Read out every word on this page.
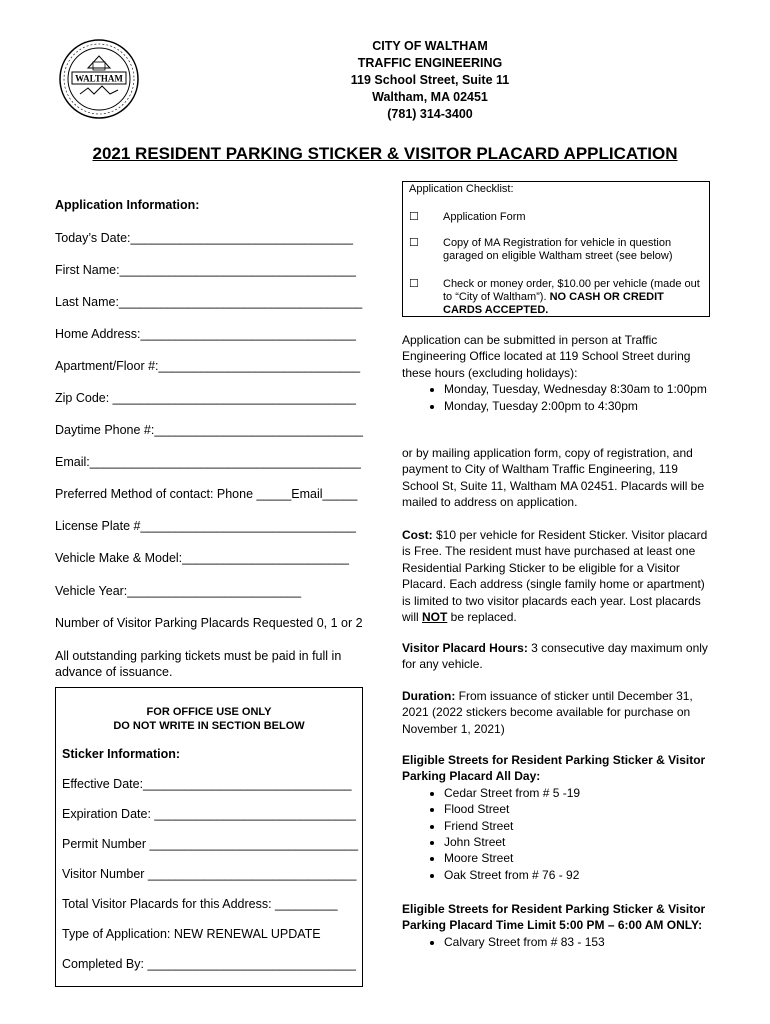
WALTHAM
CITY OF WALTHAM
TRAFFIC ENGINEERING
119 School Street, Suite 11
Waltham, MA 02451
(781) 314-3400
2021 RESIDENT PARKING STICKER & VISITOR PLACARD APPLICATION
Application Information:
Today’s Date:________________________________
First Name:__________________________________
Last Name:___________________________________
Home Address:_______________________________
Apartment/Floor #:_____________________________
Zip Code: ___________________________________
Daytime Phone #:______________________________
Email:_______________________________________
Preferred Method of contact: Phone _____Email_____
License Plate #_______________________________
Vehicle Make & Model:________________________
Vehicle Year:_________________________
Number of Visitor Parking Placards Requested 0, 1 or 2
All outstanding parking tickets must be paid in full in advance of issuance.
FOR OFFICE USE ONLY
DO NOT WRITE IN SECTION BELOW
Sticker Information:
Effective Date:______________________________
Expiration Date: _____________________________
Permit Number ______________________________
Visitor Number ______________________________
Total Visitor Placards for this Address: _________
Type of Application: NEW RENEWAL UPDATE
Completed By: ______________________________
Application Checklist:
☐ Application Form
☐ Copy of MA Registration for vehicle in question garaged on eligible Waltham street (see below)
☐ Check or money order, $10.00 per vehicle (made out to “City of Waltham”). NO CASH OR CREDIT CARDS ACCEPTED.

Application can be submitted in person at Traffic Engineering Office located at 119 School Street during these hours (excluding holidays):

• Monday, Tuesday, Wednesday 8:30am to 1:00pm
• Monday, Tuesday 2:00pm to 4:30pm

or by mailing application form, copy of registration, and payment to City of Waltham Traffic Engineering, 119 School St, Suite 11, Waltham MA 02451. Placards will be mailed to address on application.

Cost: $10 per vehicle for Resident Sticker. Visitor placard is Free. The resident must have purchased at least one Residential Parking Sticker to be eligible for a Visitor Placard. Each address (single family home or apartment) is limited to two visitor placards each year. Lost placards will NOT be replaced.

Visitor Placard Hours: 3 consecutive day maximum only for any vehicle.

Duration: From issuance of sticker until December 31, 2021 (2022 stickers become available for purchase on November 1, 2021)

Eligible Streets for Resident Parking Sticker & Visitor Parking Placard All Day:

• Cedar Street from # 5 -19
• Flood Street
• Friend Street
• John Street
• Moore Street
• Oak Street from # 76 - 92

Eligible Streets for Resident Parking Sticker & Visitor Parking Placard Time Limit 5:00 PM – 6:00 AM ONLY:

• Calvary Street from # 83 - 153
